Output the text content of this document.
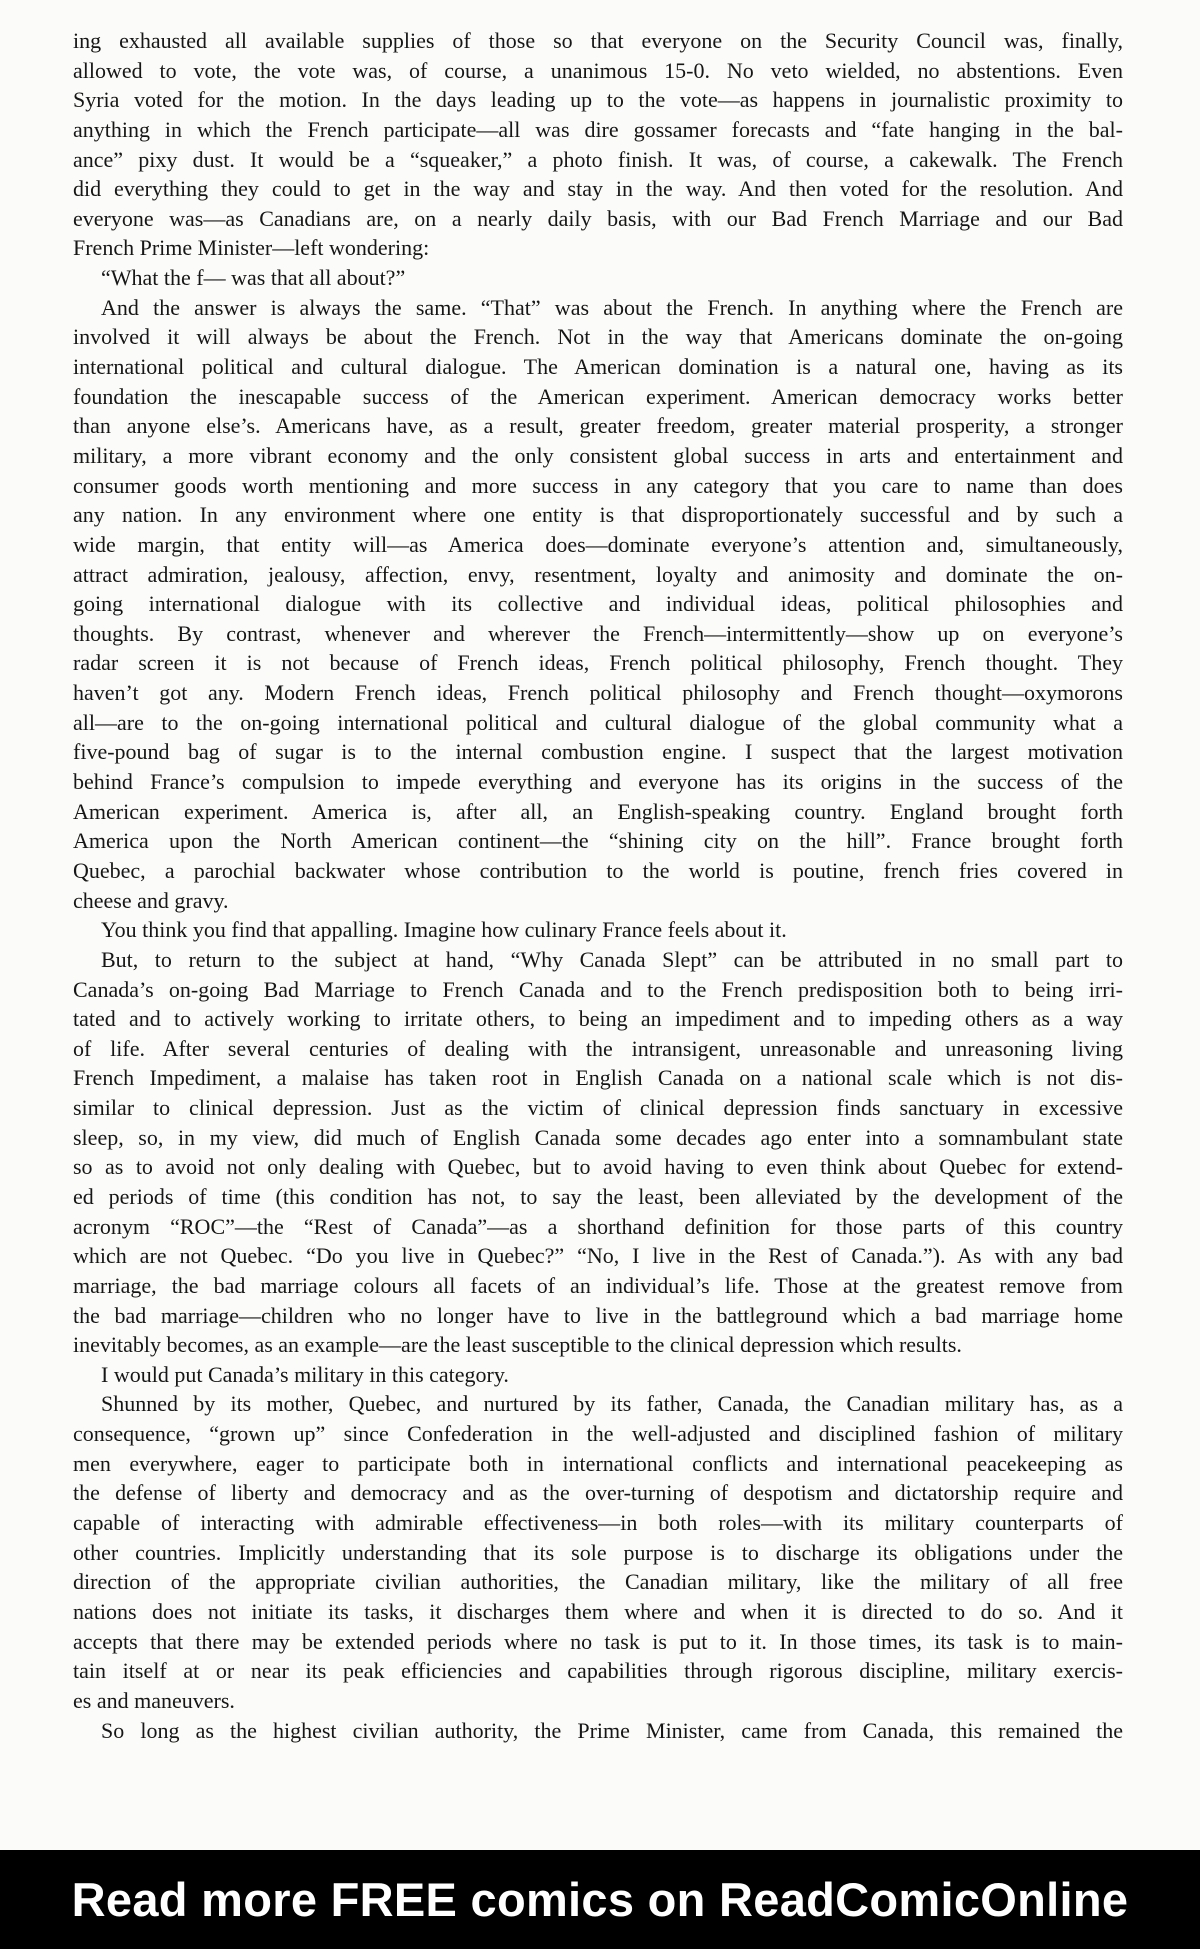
ing exhausted all available supplies of those so that everyone on the Security Council was, finally,
allowed to vote, the vote was, of course, a unanimous 15-0. No veto wielded, no abstentions. Even
Syria voted for the motion. In the days leading up to the vote—as happens in journalistic proximity to
anything in which the French participate—all was dire gossamer forecasts and “fate hanging in the bal-
ance” pixy dust. It would be a “squeaker,” a photo finish. It was, of course, a cakewalk. The French
did everything they could to get in the way and stay in the way. And then voted for the resolution. And
everyone was—as Canadians are, on a nearly daily basis, with our Bad French Marriage and our Bad
French Prime Minister—left wondering:
“What the f— was that all about?”
And the answer is always the same. “That” was about the French. In anything where the French are
involved it will always be about the French. Not in the way that Americans dominate the on-going
international political and cultural dialogue. The American domination is a natural one, having as its
foundation the inescapable success of the American experiment. American democracy works better
than anyone else’s. Americans have, as a result, greater freedom, greater material prosperity, a stronger
military, a more vibrant economy and the only consistent global success in arts and entertainment and
consumer goods worth mentioning and more success in any category that you care to name than does
any nation. In any environment where one entity is that disproportionately successful and by such a
wide margin, that entity will—as America does—dominate everyone’s attention and, simultaneously,
attract admiration, jealousy, affection, envy, resentment, loyalty and animosity and dominate the on-
going international dialogue with its collective and individual ideas, political philosophies and
thoughts. By contrast, whenever and wherever the French—intermittently—show up on everyone’s
radar screen it is not because of French ideas, French political philosophy, French thought. They
haven’t got any. Modern French ideas, French political philosophy and French thought—oxymorons
all—are to the on-going international political and cultural dialogue of the global community what a
five-pound bag of sugar is to the internal combustion engine. I suspect that the largest motivation
behind France’s compulsion to impede everything and everyone has its origins in the success of the
American experiment. America is, after all, an English-speaking country. England brought forth
America upon the North American continent—the “shining city on the hill”. France brought forth
Quebec, a parochial backwater whose contribution to the world is poutine, french fries covered in
cheese and gravy.
You think you find that appalling. Imagine how culinary France feels about it.
But, to return to the subject at hand, “Why Canada Slept” can be attributed in no small part to
Canada’s on-going Bad Marriage to French Canada and to the French predisposition both to being irri-
tated and to actively working to irritate others, to being an impediment and to impeding others as a way
of life. After several centuries of dealing with the intransigent, unreasonable and unreasoning living
French Impediment, a malaise has taken root in English Canada on a national scale which is not dis-
similar to clinical depression. Just as the victim of clinical depression finds sanctuary in excessive
sleep, so, in my view, did much of English Canada some decades ago enter into a somnambulant state
so as to avoid not only dealing with Quebec, but to avoid having to even think about Quebec for extend-
ed periods of time (this condition has not, to say the least, been alleviated by the development of the
acronym “ROC”—the “Rest of Canada”—as a shorthand definition for those parts of this country
which are not Quebec. “Do you live in Quebec?” “No, I live in the Rest of Canada.”). As with any bad
marriage, the bad marriage colours all facets of an individual’s life. Those at the greatest remove from
the bad marriage—children who no longer have to live in the battleground which a bad marriage home
inevitably becomes, as an example—are the least susceptible to the clinical depression which results.
I would put Canada’s military in this category.
Shunned by its mother, Quebec, and nurtured by its father, Canada, the Canadian military has, as a
consequence, “grown up” since Confederation in the well-adjusted and disciplined fashion of military
men everywhere, eager to participate both in international conflicts and international peacekeeping as
the defense of liberty and democracy and as the over-turning of despotism and dictatorship require and
capable of interacting with admirable effectiveness—in both roles—with its military counterparts of
other countries. Implicitly understanding that its sole purpose is to discharge its obligations under the
direction of the appropriate civilian authorities, the Canadian military, like the military of all free
nations does not initiate its tasks, it discharges them where and when it is directed to do so. And it
accepts that there may be extended periods where no task is put to it. In those times, its task is to main-
tain itself at or near its peak efficiencies and capabilities through rigorous discipline, military exercis-
es and maneuvers.
So long as the highest civilian authority, the Prime Minister, came from Canada, this remained the
Read more FREE comics on ReadComicOnline
